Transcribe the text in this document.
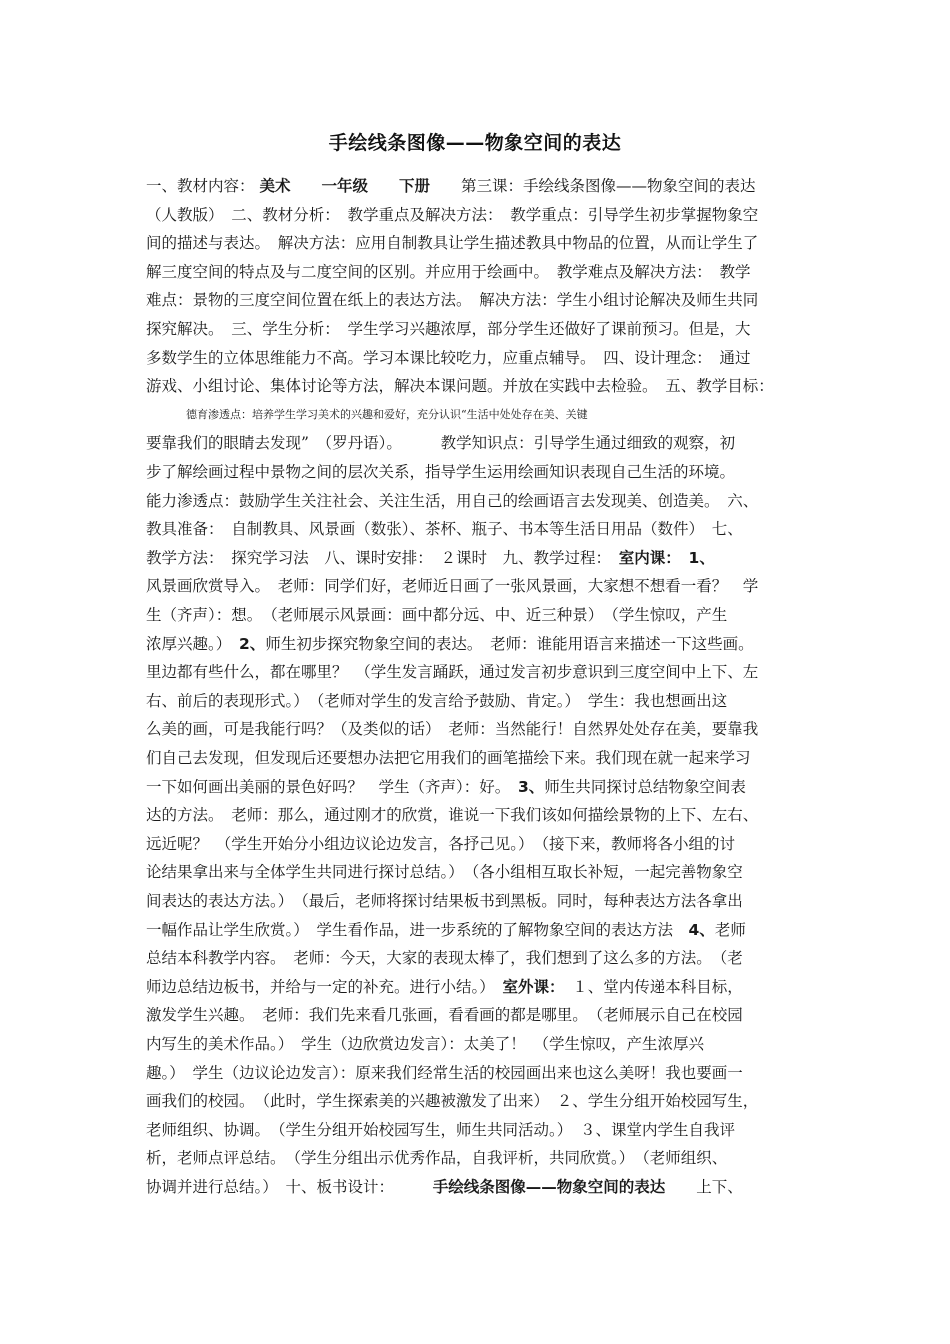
手绘线条图像——物象空间的表达
一、教材内容： 美术　　 一年级　　 下册　　第三课：手绘线条图像——物象空间的表达
（人教版）　二、教材分析：　教学重点及解决方法：　教学重点：引导学生初步掌握物象空
间的描述与表达。　解决方法：应用自制教具让学生描述教具中物品的位置，从而让学生了
解三度空间的特点及与二度空间的区别。并应用于绘画中。　教学难点及解决方法：　教学
难点：景物的三度空间位置在纸上的表达方法。　解决方法：学生小组讨论解决及师生共同
探究解决。　三、学生分析：　学生学习兴趣浓厚，部分学生还做好了课前预习。但是，大
多数学生的立体思维能力不高。学习本课比较吃力，应重点辅导。　四、设计理念：　通过
游戏、小组讨论、集体讨论等方法，解决本课问题。并放在实践中去检验。　五、教学目标：
德育渗透点：培养学生学习美术的兴趣和爱好，充分认识“生活中处处存在美、关键
要靠我们的眼睛去发现”　（罗丹语）。　　　教学知识点：引导学生通过细致的观察，初
步了解绘画过程中景物之间的层次关系，指导学生运用绘画知识表现自己生活的环境。
能力渗透点：鼓励学生关注社会、关注生活，用自己的绘画语言去发现美、创造美。　六、
教具准备：　自制教具、风景画（数张）、茶杯、瓶子、书本等生活日用品（数件）　七、
教学方法：　探究学习法　八、课时安排：　２课时　九、教学过程：　室内课：　 1、
风景画欣赏导入。　老师：同学们好，老师近日画了一张风景画，大家想不想看一看？　学
生（齐声）：想。　（老师展示风景画：画中都分远、中、近三种景）　（学生惊叹，产生
浓厚兴趣。）　2、师生初步探究物象空间的表达。　老师：谁能用语言来描述一下这些画。
里边都有些什么，都在哪里？　（学生发言踊跃，通过发言初步意识到三度空间中上下、左
右、前后的表现形式。）　（老师对学生的发言给予鼓励、肯定。）　学生：我也想画出这
么美的画，可是我能行吗？（及类似的话）　老师：当然能行！自然界处处存在美，要靠我
们自己去发现，但发现后还要想办法把它用我们的画笔描绘下来。我们现在就一起来学习
一下如何画出美丽的景色好吗？　学生（齐声）：好。　3、师生共同探讨总结物象空间表
达的方法。　老师：那么，通过刚才的欣赏，谁说一下我们该如何描绘景物的上下、左右、
远近呢？　（学生开始分小组边议论边发言，各抒己见。）　（接下来，教师将各小组的讨
论结果拿出来与全体学生共同进行探讨总结。）　（各小组相互取长补短，一起完善物象空
间表达的表达方法。）　（最后，老师将探讨结果板书到黑板。同时，每种表达方法各拿出
一幅作品让学生欣赏。）　学生看作品，进一步系统的了解物象空间的表达方法　4、老师
总结本科教学内容。　老师：今天，大家的表现太棒了，我们想到了这么多的方法。　（老
师边总结边板书，并给与一定的补充。进行小结。）　室外课：　１、堂内传递本科目标，
激发学生兴趣。　老师：我们先来看几张画，看看画的都是哪里。　（老师展示自己在校园
内写生的美术作品。）　学生（边欣赏边发言）：太美了！　（学生惊叹，产生浓厚兴
趣。）　学生（边议论边发言）：原来我们经常生活的校园画出来也这么美呀！我也要画一
画我们的校园。　（此时，学生探索美的兴趣被激发了出来）　２、学生分组开始校园写生，
老师组织、协调。　（学生分组开始校园写生，师生共同活动。）　３、课堂内学生自我评
析，老师点评总结。　（学生分组出示优秀作品，自我评析，共同欣赏。）　（老师组织、
协调并进行总结。）　十、板书设计：　　　手绘线条图像——物象空间的表达　　上下、
